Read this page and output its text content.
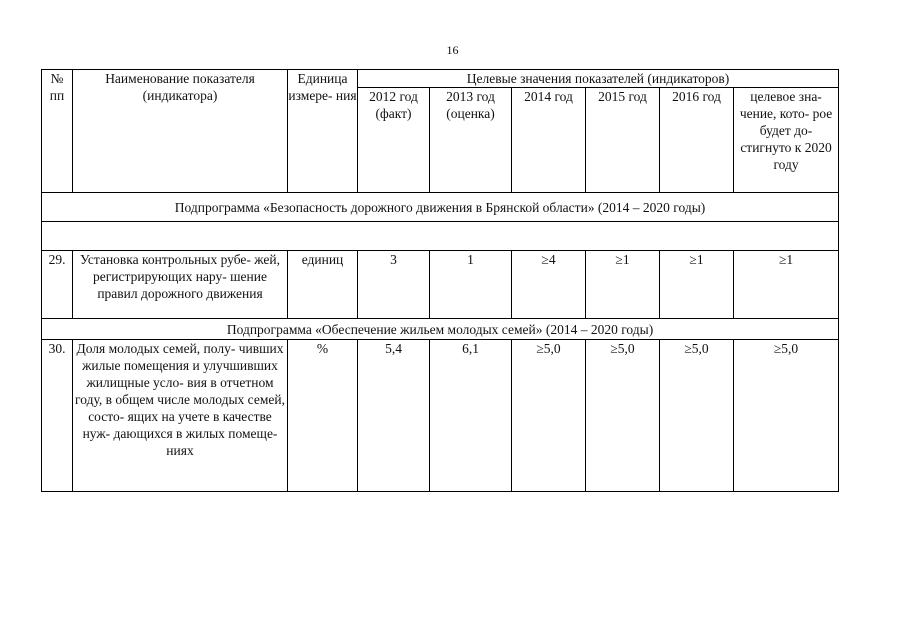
16
№ пп	Наименование показателя (индикатора)	Единица измере- ния	Целевые значения показателей (индикаторов)					
			2012 год (факт)	2013 год (оценка)	2014 год	2015 год	2016 год	целевое зна- чение, кото- рое будет до- стигнуто к 2020 году
Подпрограмма «Безопасность дорожного движения в Брянской области» (2014 – 2020 годы)								

29.	Установка контрольных рубе- жей, регистрирующих нару- шение правил дорожного движения	единиц	3	1	≥4	≥1	≥1	≥1
Подпрограмма «Обеспечение жильем молодых семей» (2014 – 2020 годы)								
30.	Доля молодых семей, полу- чивших жилые помещения и улучшивших жилищные усло- вия в отчетном году, в общем числе молодых семей, состо- ящих на учете в качестве нуж- дающихся в жилых помеще- ниях	%	5,4	6,1	≥5,0	≥5,0	≥5,0	≥5,0
